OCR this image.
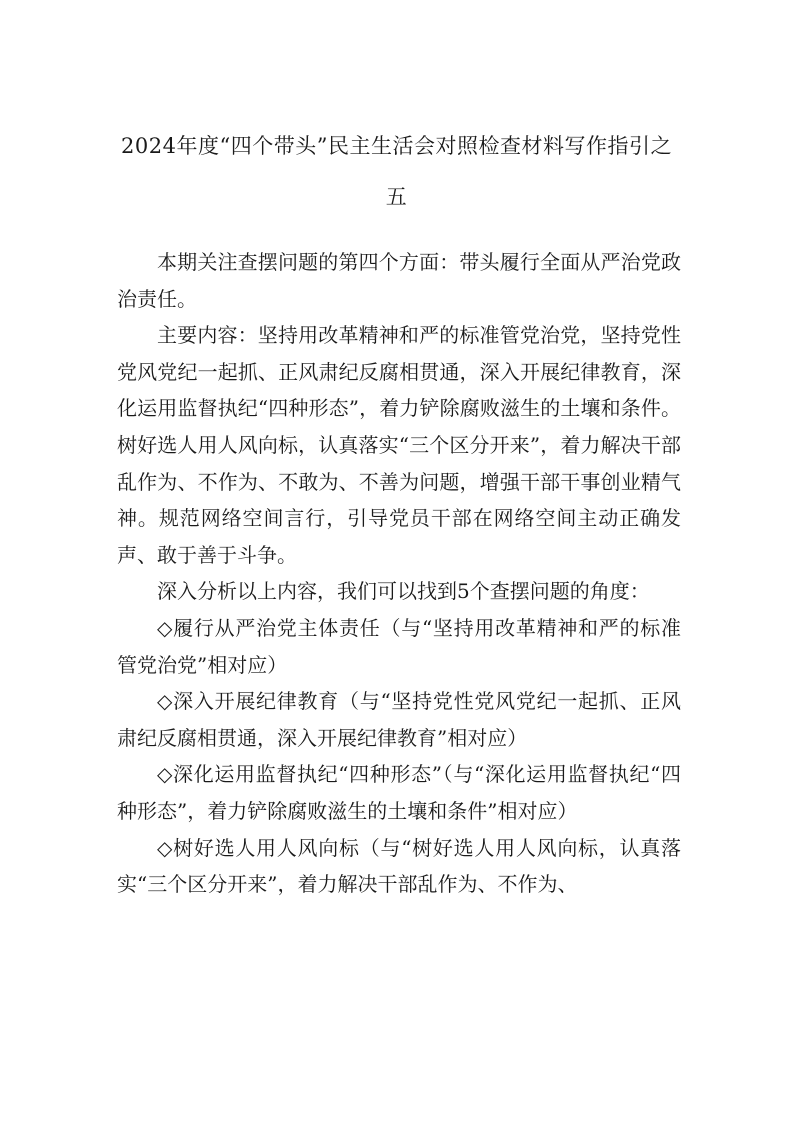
2024年度“四个带头”民主生活会对照检查材料写作指引之
五

本期关注查摆问题的第四个方面：带头履行全面从严治党政治责任。

主要内容：坚持用改革精神和严的标准管党治党，坚持党性党风党纪一起抓、正风肃纪反腐相贯通，深入开展纪律教育，深化运用监督执纪“四种形态”，着力铲除腐败滋生的土壤和条件。树好选人用人风向标，认真落实“三个区分开来”，着力解决干部乱作为、不作为、不敢为、不善为问题，增强干部干事创业精气神。规范网络空间言行，引导党员干部在网络空间主动正确发声、敢于善于斗争。

深入分析以上内容，我们可以找到5个查摆问题的角度：

◇履行从严治党主体责任（与“坚持用改革精神和严的标准管党治党”相对应）

◇深入开展纪律教育（与“坚持党性党风党纪一起抓、正风肃纪反腐相贯通，深入开展纪律教育”相对应）

◇深化运用监督执纪“四种形态”（与“深化运用监督执纪“四种形态”，着力铲除腐败滋生的土壤和条件”相对应）

◇树好选人用人风向标（与“树好选人用人风向标，认真落实“三个区分开来”，着力解决干部乱作为、不作为、
